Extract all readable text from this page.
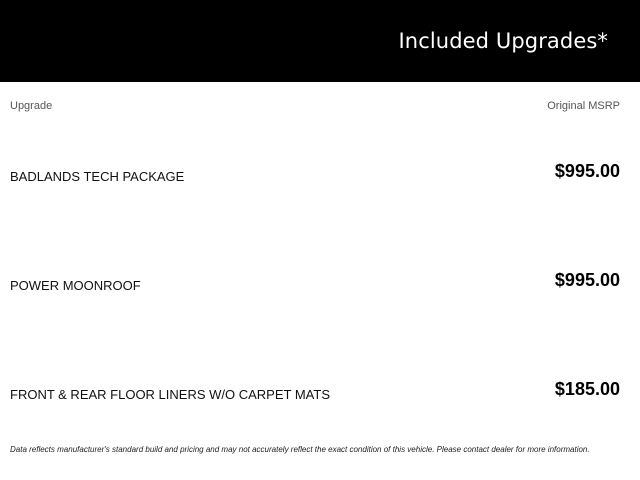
Included Upgrades*
Upgrade	Original MSRP
BADLANDS TECH PACKAGE	$995.00
POWER MOONROOF	$995.00
FRONT & REAR FLOOR LINERS W/O CARPET MATS	$185.00
Data reflects manufacturer's standard build and pricing and may not accurately reflect the exact condition of this vehicle. Please contact dealer for more information.
